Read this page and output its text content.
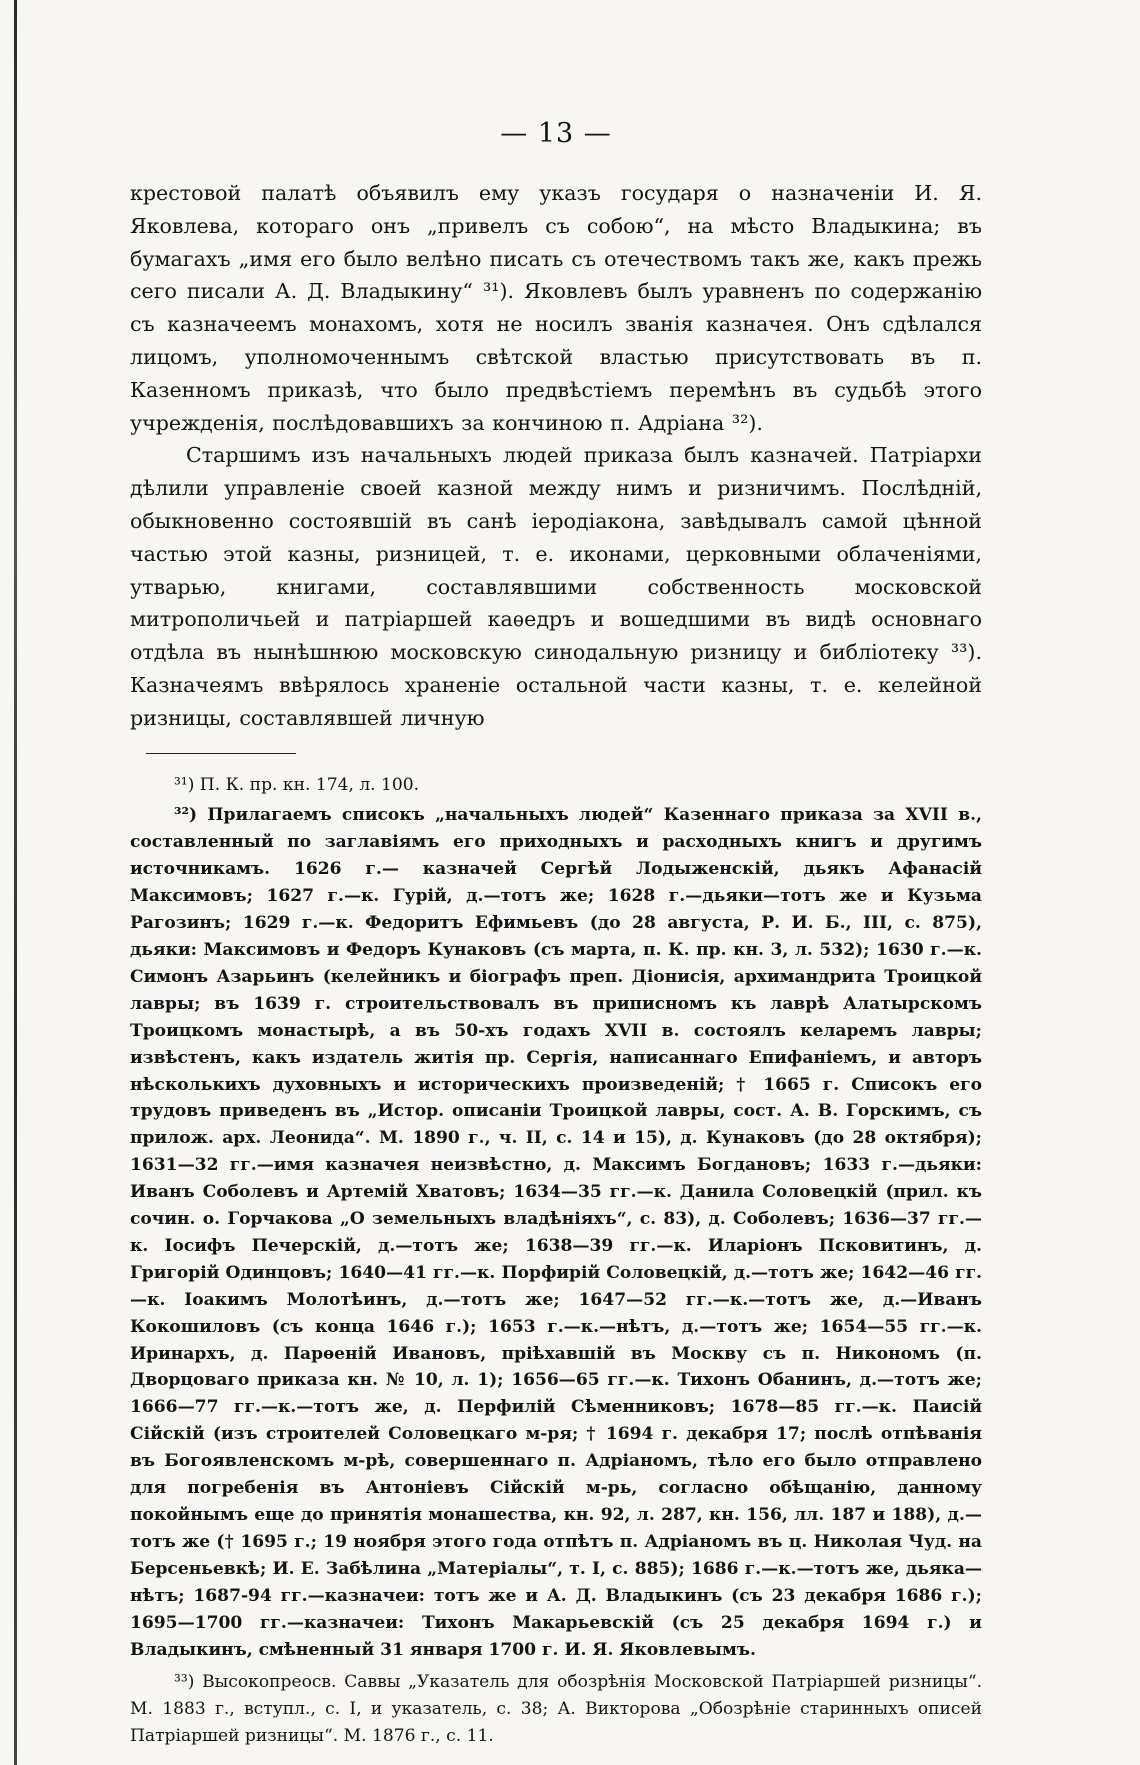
— 13 —

крестовой палатѣ объявилъ ему указъ государя о назначеніи И. Я. Яковлева, котораго онъ „привелъ съ собою“, на мѣсто Владыкина; въ бумагахъ „имя его было велѣно писать съ отечествомъ такъ же, какъ прежь сего писали А. Д. Владыкину“ ³¹). Яковлевъ былъ уравненъ по содержанію съ казначеемъ монахомъ, хотя не носилъ званія казначея. Онъ сдѣлался лицомъ, уполномоченнымъ свѣтской властью присутствовать въ п. Казенномъ приказѣ, что было предвѣстіемъ перемѣнъ въ судьбѣ этого учрежденія, послѣдовавшихъ за кончиною п. Адріана ³²).

Старшимъ изъ начальныхъ людей приказа былъ казначей. Патріархи дѣлили управленіе своей казной между нимъ и ризничимъ. Послѣдній, обыкновенно состоявшій въ санѣ іеродіакона, завѣдывалъ самой цѣнной частью этой казны, ризницей, т. е. иконами, церковными облаченіями, утварью, книгами, составлявшими собственность московской митрополичьей и патріаршей каѳедръ и вошедшими въ видѣ основнаго отдѣла въ нынѣшнюю московскую синодальную ризницу и библіотеку ³³). Казначеямъ ввѣрялось храненіе остальной части казны, т. е. келейной ризницы, составлявшей личную

³¹) П. К. пр. кн. 174, л. 100.

³²) Прилагаемъ списокъ „начальныхъ людей“ Казеннаго приказа за XVII в., составленный по заглавіямъ его приходныхъ и расходныхъ книгъ и другимъ источникамъ. 1626 г.— казначей Сергѣй Лодыженскій, дьякъ Афанасій Максимовъ; 1627 г.—к. Гурій, д.—тотъ же; 1628 г.—дьяки—тотъ же и Кузьма Рагозинъ; 1629 г.—к. Федоритъ Ефимьевъ (до 28 августа, Р. И. Б., III, с. 875), дьяки: Максимовъ и Федоръ Кунаковъ (съ марта, п. К. пр. кн. 3, л. 532); 1630 г.—к. Симонъ Азарьинъ (келейникъ и біографъ преп. Діонисія, архимандрита Троицкой лавры; въ 1639 г. строительствовалъ въ приписномъ къ лаврѣ Алатырскомъ Троицкомъ монастырѣ, а въ 50-хъ годахъ XVII в. состоялъ келаремъ лавры; извѣстенъ, какъ издатель житія пр. Сергія, написаннаго Епифаніемъ, и авторъ нѣсколькихъ духовныхъ и историческихъ произведеній; † 1665 г. Списокъ его трудовъ приведенъ въ „Истор. описаніи Троицкой лавры, сост. А. В. Горскимъ, съ прилож. арх. Леонида“. М. 1890 г., ч. II, с. 14 и 15), д. Кунаковъ (до 28 октября); 1631—32 гг.—имя казначея неизвѣстно, д. Максимъ Богдановъ; 1633 г.—дьяки: Иванъ Соболевъ и Артемій Хватовъ; 1634—35 гг.—к. Данила Соловецкій (прил. къ сочин. о. Горчакова „О земельныхъ владѣніяхъ“, с. 83), д. Соболевъ; 1636—37 гг.—к. Іосифъ Печерскій, д.—тотъ же; 1638—39 гг.—к. Иларіонъ Псковитинъ, д. Григорій Одинцовъ; 1640—41 гг.—к. Порфирій Соловецкій, д.—тотъ же; 1642—46 гг.—к. Іоакимъ Молотѣинъ, д.—тотъ же; 1647—52 гг.—к.—тотъ же, д.—Иванъ Кокошиловъ (съ конца 1646 г.); 1653 г.—к.—нѣтъ, д.—тотъ же; 1654—55 гг.—к. Иринархъ, д. Парѳеній Ивановъ, пріѣхавшій въ Москву съ п. Никономъ (п. Дворцоваго приказа кн. № 10, л. 1); 1656—65 гг.—к. Тихонъ Обанинъ, д.—тотъ же; 1666—77 гг.—к.—тотъ же, д. Перфилій Сѣменниковъ; 1678—85 гг.—к. Паисій Сійскій (изъ строителей Соловецкаго м-ря; † 1694 г. декабря 17; послѣ отпѣванія въ Богоявленскомъ м-рѣ, совершеннаго п. Адріаномъ, тѣло его было отправлено для погребенія въ Антоніевъ Сійскій м-рь, согласно обѣщанію, данному покойнымъ еще до принятія монашества, кн. 92, л. 287, кн. 156, лл. 187 и 188), д.—тотъ же († 1695 г.; 19 ноября этого года отпѣтъ п. Адріаномъ въ ц. Николая Чуд. на Берсеньевкѣ; И. Е. Забѣлина „Матеріалы“, т. I, с. 885); 1686 г.—к.—тотъ же, дьяка—нѣтъ; 1687-94 гг.—казначеи: тотъ же и А. Д. Владыкинъ (съ 23 декабря 1686 г.); 1695—1700 гг.—казначеи: Тихонъ Макарьевскій (съ 25 декабря 1694 г.) и Владыкинъ, смѣненный 31 января 1700 г. И. Я. Яковлевымъ.

³³) Высокопреосв. Саввы „Указатель для обозрѣнія Московской Патріаршей ризницы“. М. 1883 г., вступл., с. I, и указатель, с. 38; А. Викторова „Обозрѣніе старинныхъ описей Патріаршей ризницы“. М. 1876 г., с. 11.
